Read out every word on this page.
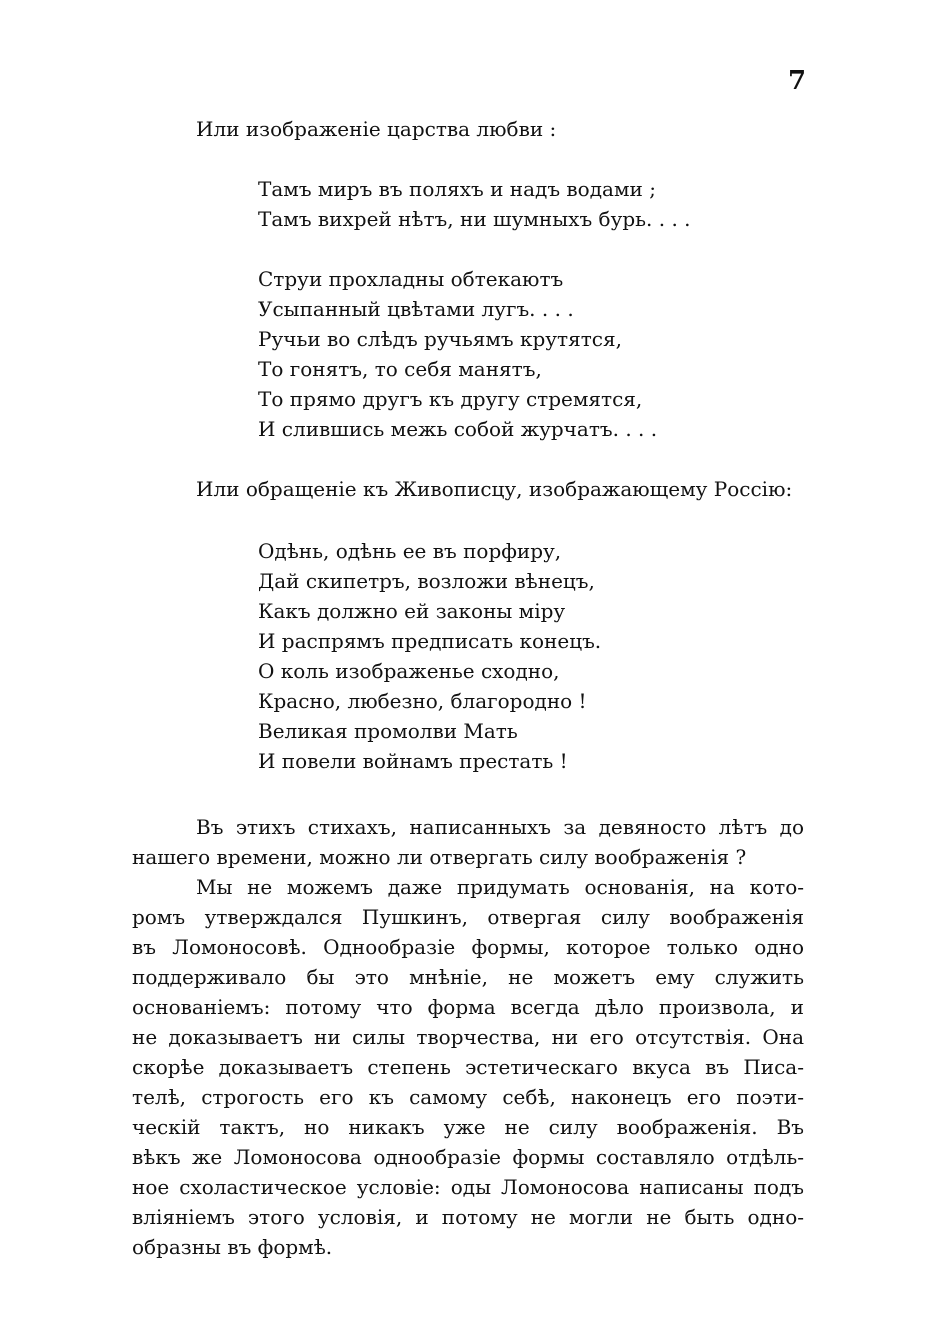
7
Или изображеніе царства любви :
Тамъ миръ въ поляхъ и надъ водами ;
Тамъ вихрей нѣтъ, ни шумныхъ бурь. . . .
Струи прохладны обтекаютъ
Усыпанный цвѣтами лугъ. . . .
Ручьи во слѣдъ ручьямъ крутятся,
То гонятъ, то себя манятъ,
То прямо другъ къ другу стремятся,
И слившись межь собой журчатъ. . . .
Или обращеніе къ Живописцу, изображающему Россію:
Одѣнь, одѣнь ее въ порфиру,
Дай скипетръ, возложи вѣнецъ,
Какъ должно ей законы міру
И распрямъ предписать конецъ.
О коль изображенье сходно,
Красно, любезно, благородно !
Великая промолви Мать
И повели войнамъ престать !
Въ этихъ стихахъ, написанныхъ за девяносто лѣтъ до
нашего времени, можно ли отвергать силу воображенія ?
Мы не можемъ даже придумать основанія, на кото-
ромъ утверждался Пушкинъ, отвергая силу воображенія
въ Ломоносовѣ. Однообразіе формы, которое только одно
поддерживало бы это мнѣніе, не можетъ ему служить
основаніемъ: потому что форма всегда дѣло произвола, и
не доказываетъ ни силы творчества, ни его отсутствія. Она
скорѣе доказываетъ степень эстетическаго вкуса въ Писа-
телѣ, строгость его къ самому себѣ, наконецъ его поэти-
ческій тактъ, но никакъ уже не силу воображенія. Въ
вѣкъ же Ломоносова однообразіе формы составляло отдѣль-
ное схоластическое условіе: оды Ломоносова написаны подъ
вліяніемъ этого условія, и потому не могли не быть одно-
образны въ формѣ.
